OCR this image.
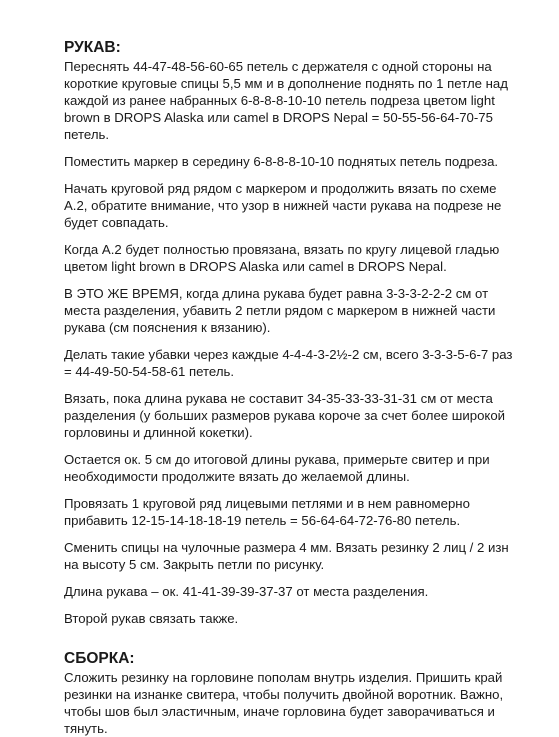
РУКАВ:

Переснять 44-47-48-56-60-65 петель с держателя с одной стороны на короткие круговые спицы 5,5 мм и в дополнение поднять по 1 петле над каждой из ранее набранных 6-8-8-8-10-10 петель подреза цветом light brown в DROPS Alaska или camel в DROPS Nepal = 50-55-56-64-70-75 петель.

Поместить маркер в середину 6-8-8-8-10-10 поднятых петель подреза.

Начать круговой ряд рядом с маркером и продолжить вязать по схеме А.2, обратите внимание, что узор в нижней части рукава на подрезе не будет совпадать.

Когда А.2 будет полностью провязана, вязать по кругу лицевой гладью цветом light brown в DROPS Alaska или camel в DROPS Nepal.

В ЭТО ЖЕ ВРЕМЯ, когда длина рукава будет равна 3-3-3-2-2-2 см от места разделения, убавить 2 петли рядом с маркером в нижней части рукава (см пояснения к вязанию).

Делать такие убавки через каждые 4-4-4-3-2½-2 см, всего 3-3-3-5-6-7 раз = 44-49-50-54-58-61 петель.

Вязать, пока длина рукава не составит 34-35-33-33-31-31 см от места разделения (у больших размеров рукава короче за счет более широкой горловины и длинной кокетки).

Остается ок. 5 см до итоговой длины рукава, примерьте свитер и при необходимости продолжите вязать до желаемой длины.

Провязать 1 круговой ряд лицевыми петлями и в нем равномерно прибавить 12-15-14-18-18-19 петель = 56-64-64-72-76-80 петель.

Сменить спицы на чулочные размера 4 мм. Вязать резинку 2 лиц / 2 изн на высоту 5 см. Закрыть петли по рисунку.

Длина рукава – ок. 41-41-39-39-37-37 от места разделения.

Второй рукав связать также.

СБОРКА:

Сложить резинку на горловине пополам внутрь изделия. Пришить край резинки на изнанке свитера, чтобы получить двойной воротник. Важно, чтобы шов был эластичным, иначе горловина будет заворачиваться и тянуть.
